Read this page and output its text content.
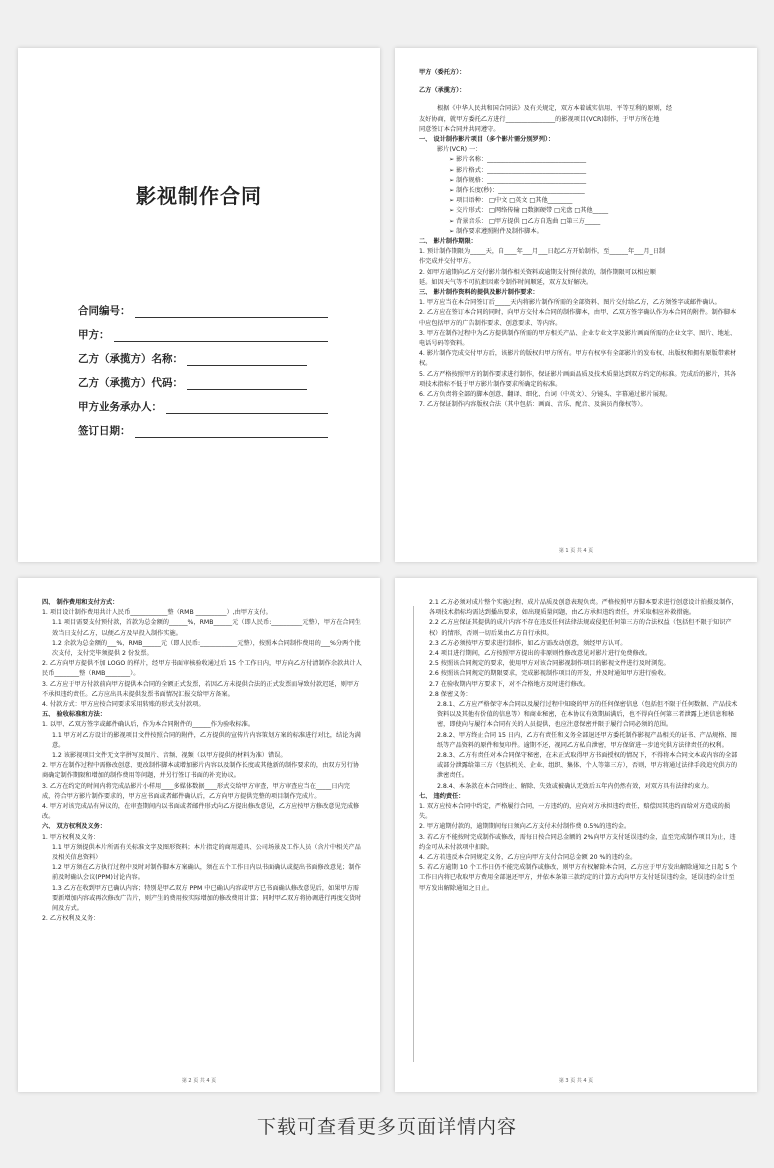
影视制作合同
合同编号：
甲方：
乙方（承揽方）名称：
乙方（承揽方）代码：
甲方业务承办人：
签订日期：

甲方（委托方）：

乙方（承揽方）：

根据《中华人民共和国合同法》及有关规定，双方本着诚实信用、平等互利的原则，经

友好协商，就甲方委托乙方进行________________的影视项目(VCR)制作，于甲方所在地

同意签订本合同并共同遵守。

一、 设计制作影片项目（多个影片需分别罗列）：

影片(VCR) 一：

➢ 影片名称：________________________________

➢ 影片格式：________________________________

➢ 制作规格：________________________________

➢ 制作长度(秒)：____________________________

➢ 项目语种： □中文 □英文 □其他________

➢ 交片形式： □网络传输 □数据硬带 □光盘 □其他_____

➢ 背景音乐： □甲方提供 □乙方自选曲 □第三方_____

➢ 制作要求遵照附件及制作脚本。

二、 影片制作期限：

1. 预计制作期限为_____天，自____年___月___日起乙方开始制作，至______年___月_日制

作完成并交付甲方。

2. 如甲方逾期向乙方交付影片制作相关资料或逾期支付预付款的，制作期限可以相应顺

延。如因天气等不可抗拒因素令制作时间顺延，双方友好解决。

三、 影片制作资料的提供及影片制作要求：

1. 甲方应当在本合同签订后_____天内将影片制作所需的全部资料、图片交付给乙方，乙方须签字或邮件确认。

2. 乙方应在签订本合同的同时，向甲方交付本合同的制作脚本，由甲、乙双方签字确认作为本合同的附件。制作脚本中应包括甲方的广告制作要求、创意要求、等内容。

3. 甲方在制作过程中为乙方提供制作所需的甲方相关产品、企业专业文字及影片画面所需的企业文字、图片、地址、电话号码等资料。

4. 影片制作完成交付甲方后，该影片的版权归甲方所有。甲方有权享有全部影片的发布权、出版权和拥有原版带素材权。

5. 乙方严格按照甲方的制作要求进行制作，保证影片画面品质及技术质量达到双方约定的标准。完成后的影片，其各项技术指标不低于甲方影片制作要求所确定的标准。

6. 乙方负责将全部的脚本创意、翻译、细化、台词（中英文）、分镜头、字幕通过影片展现。

7. 乙方保证制作内容版权合法（其中包括：画面、音乐、配音、及演员肖像权等）。

第 1 页 共 4 页

四、 制作费用和支付方式：

1. 项目设计制作费用共计人民币____________整（RMB __________）,由甲方支付。

1.1 项目需要支付预付款，首款为总金额的______%，RMB______元（即人民币:__________元整），甲方在合同生效当日支付乙方，以便乙方及早投入制作实施。

1.2 余款为总金额的___%，RMB______元（即人民币:____________元整），按照本合同制作费用的___%分两个批次支付，支付完毕须提供 2 份发票。

2. 乙方向甲方提供不加 LOGO 的样片，经甲方书面审核验收通过后 15 个工作日内，甲方向乙方付清制作余款共计人民币________整（RMB________）。

3. 乙方应于甲方付款前向甲方提供本合同的全额正式发票，若因乙方未提供合法的正式发票而导致付款迟延，则甲方不承担违约责任。乙方应出具未提供发票书面情况汇报交给甲方备案。

4. 付款方式：甲方应按合同要求采用转账的形式支付款项。

五、 验收标准和方法：

1. 以甲、乙双方签字或邮件确认后，作为本合同附件的______作为验收标准。

1.1 甲方对乙方设计的影视项目文件按照合同的附件，乙方提供的宣传片内容策划方案的标准进行对比，结论为满意。

1.2 该影视项目文件无文字拼写及图片、音频、视频（以甲方提供的材料为准）错误。

2. 甲方在制作过程中需修改创意、更改制作脚本或增加影片内容以及制作长度或其他新的制作要求的，由双方另行协商确定制作期限和增加的制作费用等问题，并另行签订书面的补充协议。

3. 乙方在约定的时间内将完成品影片小样用____多媒体数据____形式交给甲方审查，甲方审查应当在_____日内完成，符合甲方影片制作要求的，甲方应书面或者邮件确认后，乙方向甲方提供完整的项目制作完成片。

4. 甲方对该完成品有异议的，在审查期间内以书面或者邮件形式向乙方提出修改意见，乙方应按甲方修改意见完成修改。

六、 双方权利及义务：

1. 甲方权利及义务：

1.1 甲方须提供本片所需有关标准文字及图形资料；本片指定的商用道具、公司场景及工作人员（含片中相关产品及相关信息资料）

1.2 甲方须在乙方执行过程中及时对制作脚本方案确认，须在五个工作日内以书面确认或提出书面修改意见；制作前及时确认会议(PPM)讨论内容。

1.3 乙方在收到甲方已确认内容；特别是甲乙双方 PPM 中已确认内容或甲方已书面确认修改意见后，如果甲方需要新增加内容或再次修改广告片，则产生的费用按实际增加的修改费用计算；同时甲乙双方将协调进行再度交货时间及方式。

2. 乙方权利及义务：

第 2 页 共 4 页

2.1 乙方必须对成片整个实施过程、成片品质及创意表现负责。严格按照甲方脚本要求进行创意设计拍摄及制作，各项技术指标均需达到播出要求，如出现质量问题，由乙方承担违约责任，并采取相应补救措施。

2.2 乙方应保证其提供的成片内容不存在违反任何法律法规或侵犯任何第三方的合法权益（包括但不限于知识产权）的情形，否则一切后果由乙方自行承担。

2.3 乙方必须按甲方要求进行制作，如乙方需改动创意，须经甲方认可。

2.4 项目进行期间，乙方按照甲方提出的非原则性修改意见对影片进行免费修改。

2.5 按照该合同规定的要求，使用甲方对该合同影视制作项目的影视文件进行及时浏览。

2.6 按照该合同规定的期限要求，完成影视制作项目的开发，并及时通知甲方进行验收。

2.7 在验收期内甲方要求下，对不合格地方及时进行修改。

2.8 保密义务：

2.8.1、乙方应严格保守本合同以及履行过程中知晓的甲方的任何保密信息（包括但不限于任何数据、产品技术资料以及其他有价值的信息等）和商业秘密，在本协议有效期届满后，也不得向任何第三者泄露上述信息和秘密，即使向与履行本合同有关的人员提供，也应注意保密并限于履行合同必须的范围。

2.8.2、甲方终止合同 15 日内，乙方有责任和义务全部退还甲方委托制作影视产品相关的证书、产品规格、图纸等产品资料的原件和复印件。逾期不还，视同乙方私自泄密，甲方保留进一步追究供方法律责任的权利。

2.8.3、乙方有责任对本合同保守秘密，在未正式取得甲方书面授权的情况下，不得将本合同文本或内容的全部或部分泄露给第三方（包括机关、企业、组织、集体、个人等第三方），否则，甲方将通过法律手段追究供方的泄密责任。

2.8.4、本条款在本合同终止、解除、失效或被确认无效后五年内仍然有效，对双方具有法律约束力。

七、 违约责任：

1. 双方应按本合同中约定，严格履行合同，一方违约的，应向对方承担违约责任，赔偿因其违约而给对方造成的损失。

2. 甲方逾期付款的，逾期期间每日须向乙方支付未付制作费 0.5%的违约金。

3. 若乙方不能按时完成制作或修改，需每日按合同总金额的 2%向甲方支付延误违约金，直至完成制作项目为止，违约金可从未付款项中扣除。

4. 乙方若违反本合同规定义务，乙方应向甲方支付合同总金额 20 %的违约金。

5. 若乙方逾期 10 个工作日仍不能完成制作或修改，则甲方有权解除本合同，乙方应于甲方发出解除通知之日起 5 个工作日内将已收取甲方费用全部退还甲方，并依本条第三款约定的计算方式向甲方支付延误违约金，延误违约金计至甲方发出解除通知之日止。

第 3 页 共 4 页
下载可查看更多页面详情内容
